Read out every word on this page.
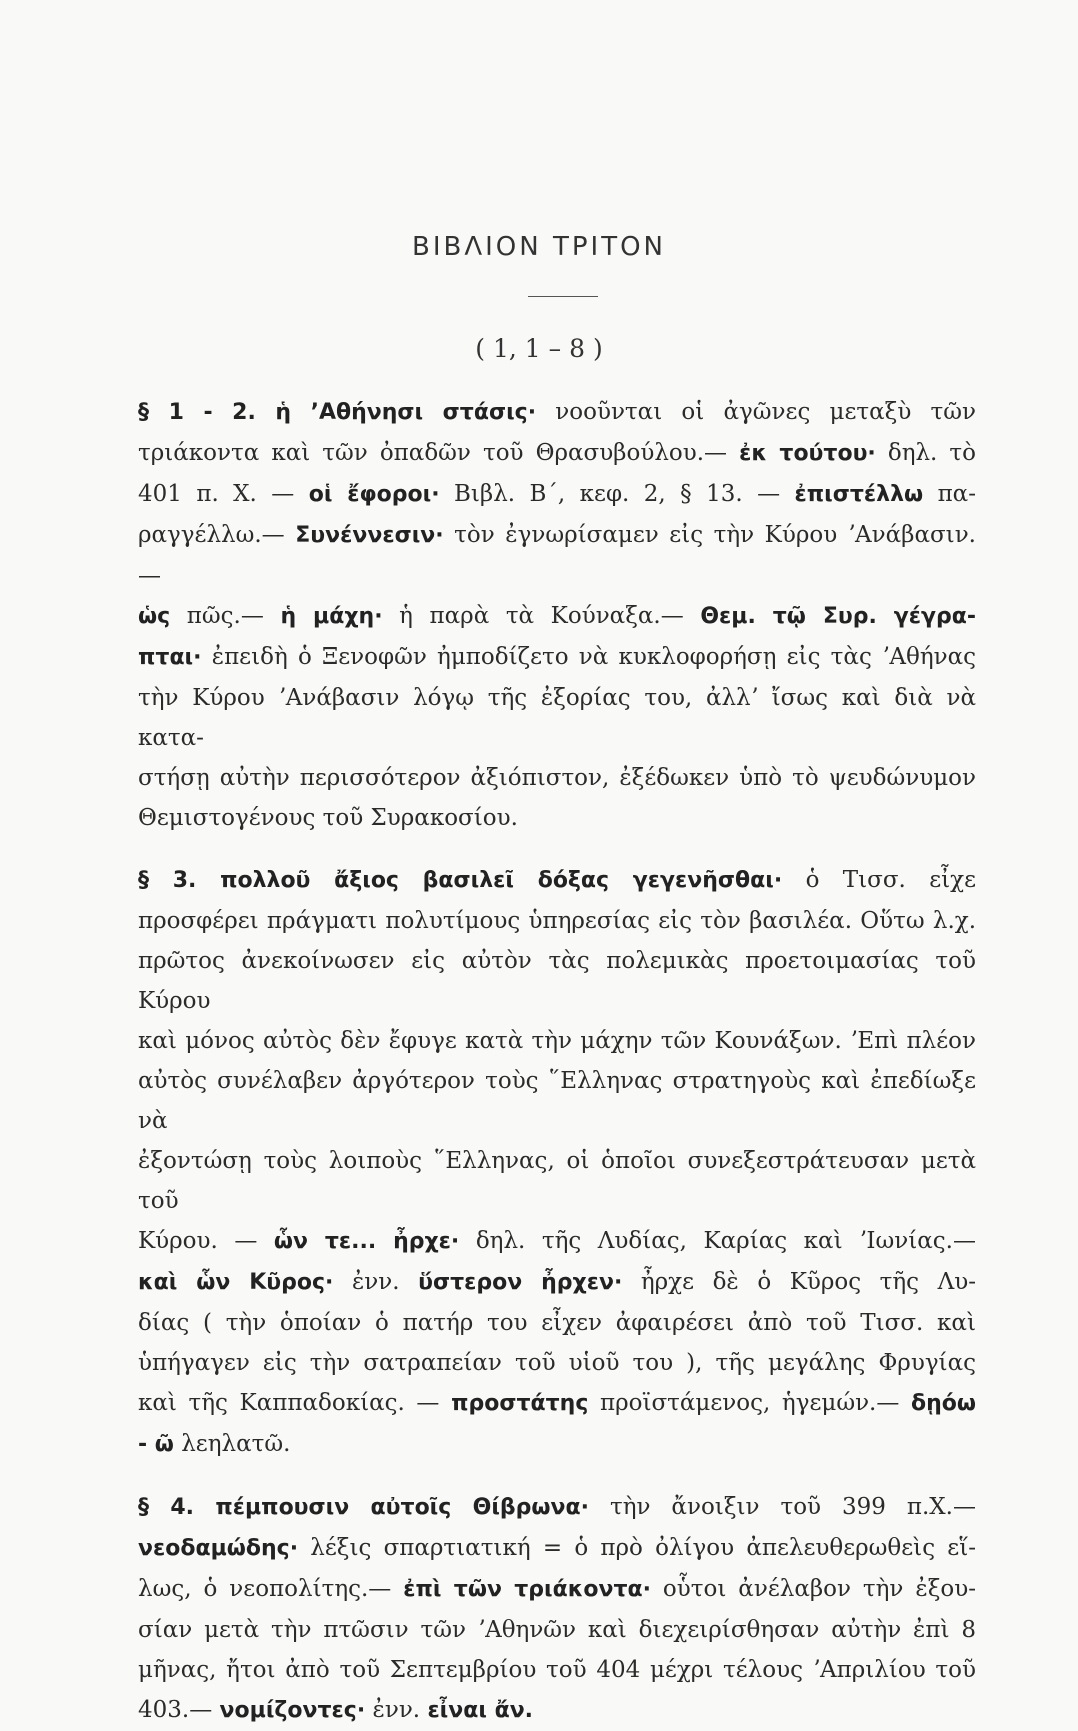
ΒΙΒΛΙΟΝ ΤΡΙΤΟΝ
( 1, 1 – 8 )

§ 1 - 2. ἡ ʼΑθήνησι στάσις· νοοῦνται οἱ ἀγῶνες μεταξὺ τῶν
τριάκοντα καὶ τῶν ὀπαδῶν τοῦ Θρασυβούλου.— ἐκ τούτου· δηλ. τὸ
401 π. Χ. — οἱ ἔφοροι· Βιβλ. Β΄, κεφ. 2, § 13. — ἐπιστέλλω πα-
ραγγέλλω.— Συνέννεσιν· τὸν ἐγνωρίσαμεν εἰς τὴν Κύρου ʼΑνάβασιν.—
ὡς πῶς.— ἡ μάχη· ἡ παρὰ τὰ Κούναξα.— Θεμ. τῷ Συρ. γέγρα-
πται· ἐπειδὴ ὁ Ξενοφῶν ἠμποδίζετο νὰ κυκλοφορήσῃ εἰς τὰς ʼΑθήνας
τὴν Κύρου ʼΑνάβασιν λόγῳ τῆς ἐξορίας του, ἀλλʼ ἴσως καὶ διὰ νὰ κατα-
στήσῃ αὐτὴν περισσότερον ἀξιόπιστον, ἐξέδωκεν ὑπὸ τὸ ψευδώνυμον
Θεμιστογένους τοῦ Συρακοσίου.

§ 3. πολλοῦ ἄξιος βασιλεῖ δόξας γεγενῆσθαι· ὁ Τισσ. εἶχε
προσφέρει πράγματι πολυτίμους ὑπηρεσίας εἰς τὸν βασιλέα. Οὕτω λ.χ.
πρῶτος ἀνεκοίνωσεν εἰς αὐτὸν τὰς πολεμικὰς προετοιμασίας τοῦ Κύρου
καὶ μόνος αὐτὸς δὲν ἔφυγε κατὰ τὴν μάχην τῶν Κουνάξων. ʼΕπὶ πλέον
αὐτὸς συνέλαβεν ἀργότερον τοὺς ῞Ελληνας στρατηγοὺς καὶ ἐπεδίωξε νὰ
ἐξοντώσῃ τοὺς λοιποὺς ῞Ελληνας, οἱ ὁποῖοι συνεξεστράτευσαν μετὰ τοῦ
Κύρου. — ὧν τε... ἦρχε· δηλ. τῆς Λυδίας, Καρίας καὶ ʼΙωνίας.—
καὶ ὧν Κῦρος· ἐνν. ὕστερον ἦρχεν· ἦρχε δὲ ὁ Κῦρος τῆς Λυ-
δίας ( τὴν ὁποίαν ὁ πατήρ του εἶχεν ἀφαιρέσει ἀπὸ τοῦ Τισσ. καὶ
ὑπήγαγεν εἰς τὴν σατραπείαν τοῦ υἱοῦ του ), τῆς μεγάλης Φρυγίας
καὶ τῆς Καππαδοκίας. — προστάτης προϊστάμενος, ἡγεμών.— δῃόω
- ῶ λεηλατῶ.

§ 4. πέμπουσιν αὐτοῖς Θίβρωνα· τὴν ἄνοιξιν τοῦ 399 π.Χ.—
νεοδαμώδης· λέξις σπαρτιατική = ὁ πρὸ ὀλίγου ἀπελευθερωθεὶς εἵ-
λως, ὁ νεοπολίτης.— ἐπὶ τῶν τριάκοντα· οὗτοι ἀνέλαβον τὴν ἐξου-
σίαν μετὰ τὴν πτῶσιν τῶν ʼΑθηνῶν καὶ διεχειρίσθησαν αὐτὴν ἐπὶ 8
μῆνας, ἤτοι ἀπὸ τοῦ Σεπτεμβρίου τοῦ 404 μέχρι τέλους ʼΑπριλίου τοῦ
403.— νομίζοντες· ἐνν. εἶναι ἄν.
